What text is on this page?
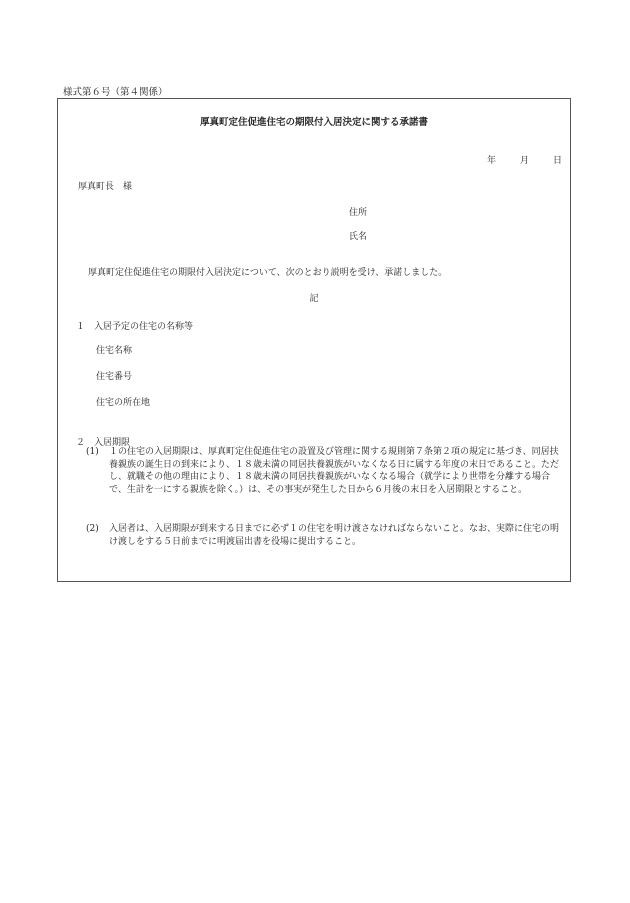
様式第６号（第４関係）
厚真町定住促進住宅の期限付入居決定に関する承諾書
年	月	日
厚真町長　様
住所
氏名
厚真町定住促進住宅の期限付入居決定について、次のとおり説明を受け、承諾しました。
記
１　入居予定の住宅の名称等
住宅名称
住宅番号
住宅の所在地
２　入居期限
(1)	１の住宅の入居期限は、厚真町定住促進住宅の設置及び管理に関する規則第７条第２項の規定に基づき、同居扶養親族の誕生日の到来により、１８歳未満の同居扶養親族がいなくなる日に属する年度の末日であること。ただし、就職その他の理由により、１８歳未満の同居扶養親族がいなくなる場合（就学により世帯を分離する場合で、生計を一にする親族を除く。）は、その事実が発生した日から６月後の末日を入居期限とすること。
(2)	入居者は、入居期限が到来する日までに必ず１の住宅を明け渡さなければならないこと。なお、実際に住宅の明け渡しをする５日前までに明渡届出書を役場に提出すること。
